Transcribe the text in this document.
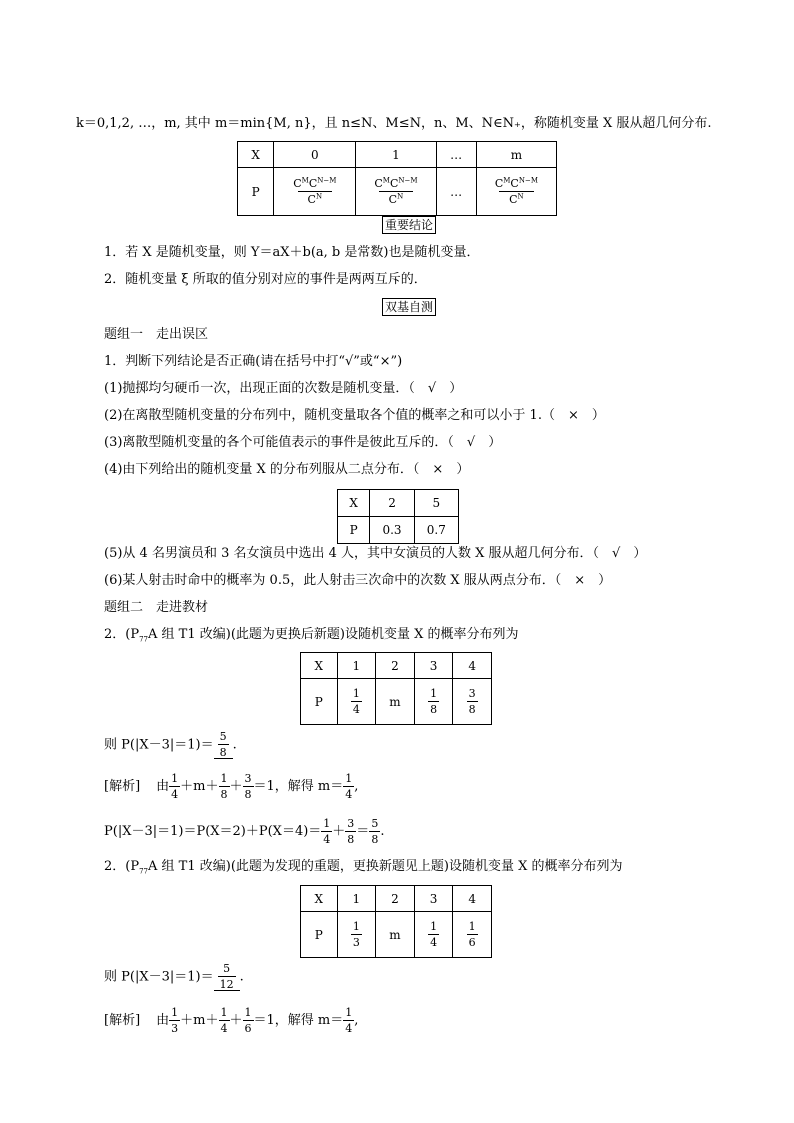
k＝0,1,2, …，m, 其中 m＝min{M, n}，且 n≤N、M≤N，n、M、N∈N₊，称随机变量 X 服从超几何分布.
X	0	1	…	m
P	$\frac{C^MC^{N-M}}{C^N}$	$\frac{C^MC^{N-M}}{C^N}$	…	$\frac{C^MC^{N-M}}{C^N}$
重要结论
1．若 X 是随机变量，则 Y＝aX＋b(a, b 是常数)也是随机变量．
2．随机变量 ξ 所取的值分别对应的事件是两两互斥的．
双基自测
题组一　走出误区
1．判断下列结论是否正确(请在括号中打“√”或“×”)
(1)抛掷均匀硬币一次，出现正面的次数是随机变量．（　√　）
(2)在离散型随机变量的分布列中，随机变量取各个值的概率之和可以小于 1.（　×　）
(3)离散型随机变量的各个可能值表示的事件是彼此互斥的．（　√　）
(4)由下列给出的随机变量 X 的分布列服从二点分布．（　×　）
X	2	5
P	0.3	0.7
(5)从 4 名男演员和 3 名女演员中选出 4 人，其中女演员的人数 X 服从超几何分布．（　√　）
(6)某人射击时命中的概率为 0.5，此人射击三次命中的次数 X 服从两点分布．（　×　）
题组二　走进教材
2．($P_{77}A$ 组 T1 改编)(此题为更换后新题)设随机变量 X 的概率分布列为
X	1	2	3	4
P	$\frac{1}{4}$	m	$\frac{1}{8}$	$\frac{3}{8}$
则 $P(|X-3|=1)= \frac{5}{8}$ .
[解析] 由 $\frac{1}{4} +m+ \frac{1}{8} + \frac{3}{8} =1$，解得 $m= \frac{1}{4}$ ,
$P(|X-3|=1)=P(X=2)+P(X=4)= \frac{1}{4} + \frac{3}{8} = \frac{5}{8}$ .
2．($P_{77}A$ 组 T1 改编)(此题为发现的重题，更换新题见上题)设随机变量 X 的概率分布列为
X	1	2	3	4
P	$\frac{1}{3}$	m	$\frac{1}{4}$	$\frac{1}{6}$
则 $P(|X-3|=1)= \frac{5}{12}$ .
[解析] 由 $\frac{1}{3} +m+ \frac{1}{4} + \frac{1}{6} =1$，解得 $m= \frac{1}{4}$ ,
